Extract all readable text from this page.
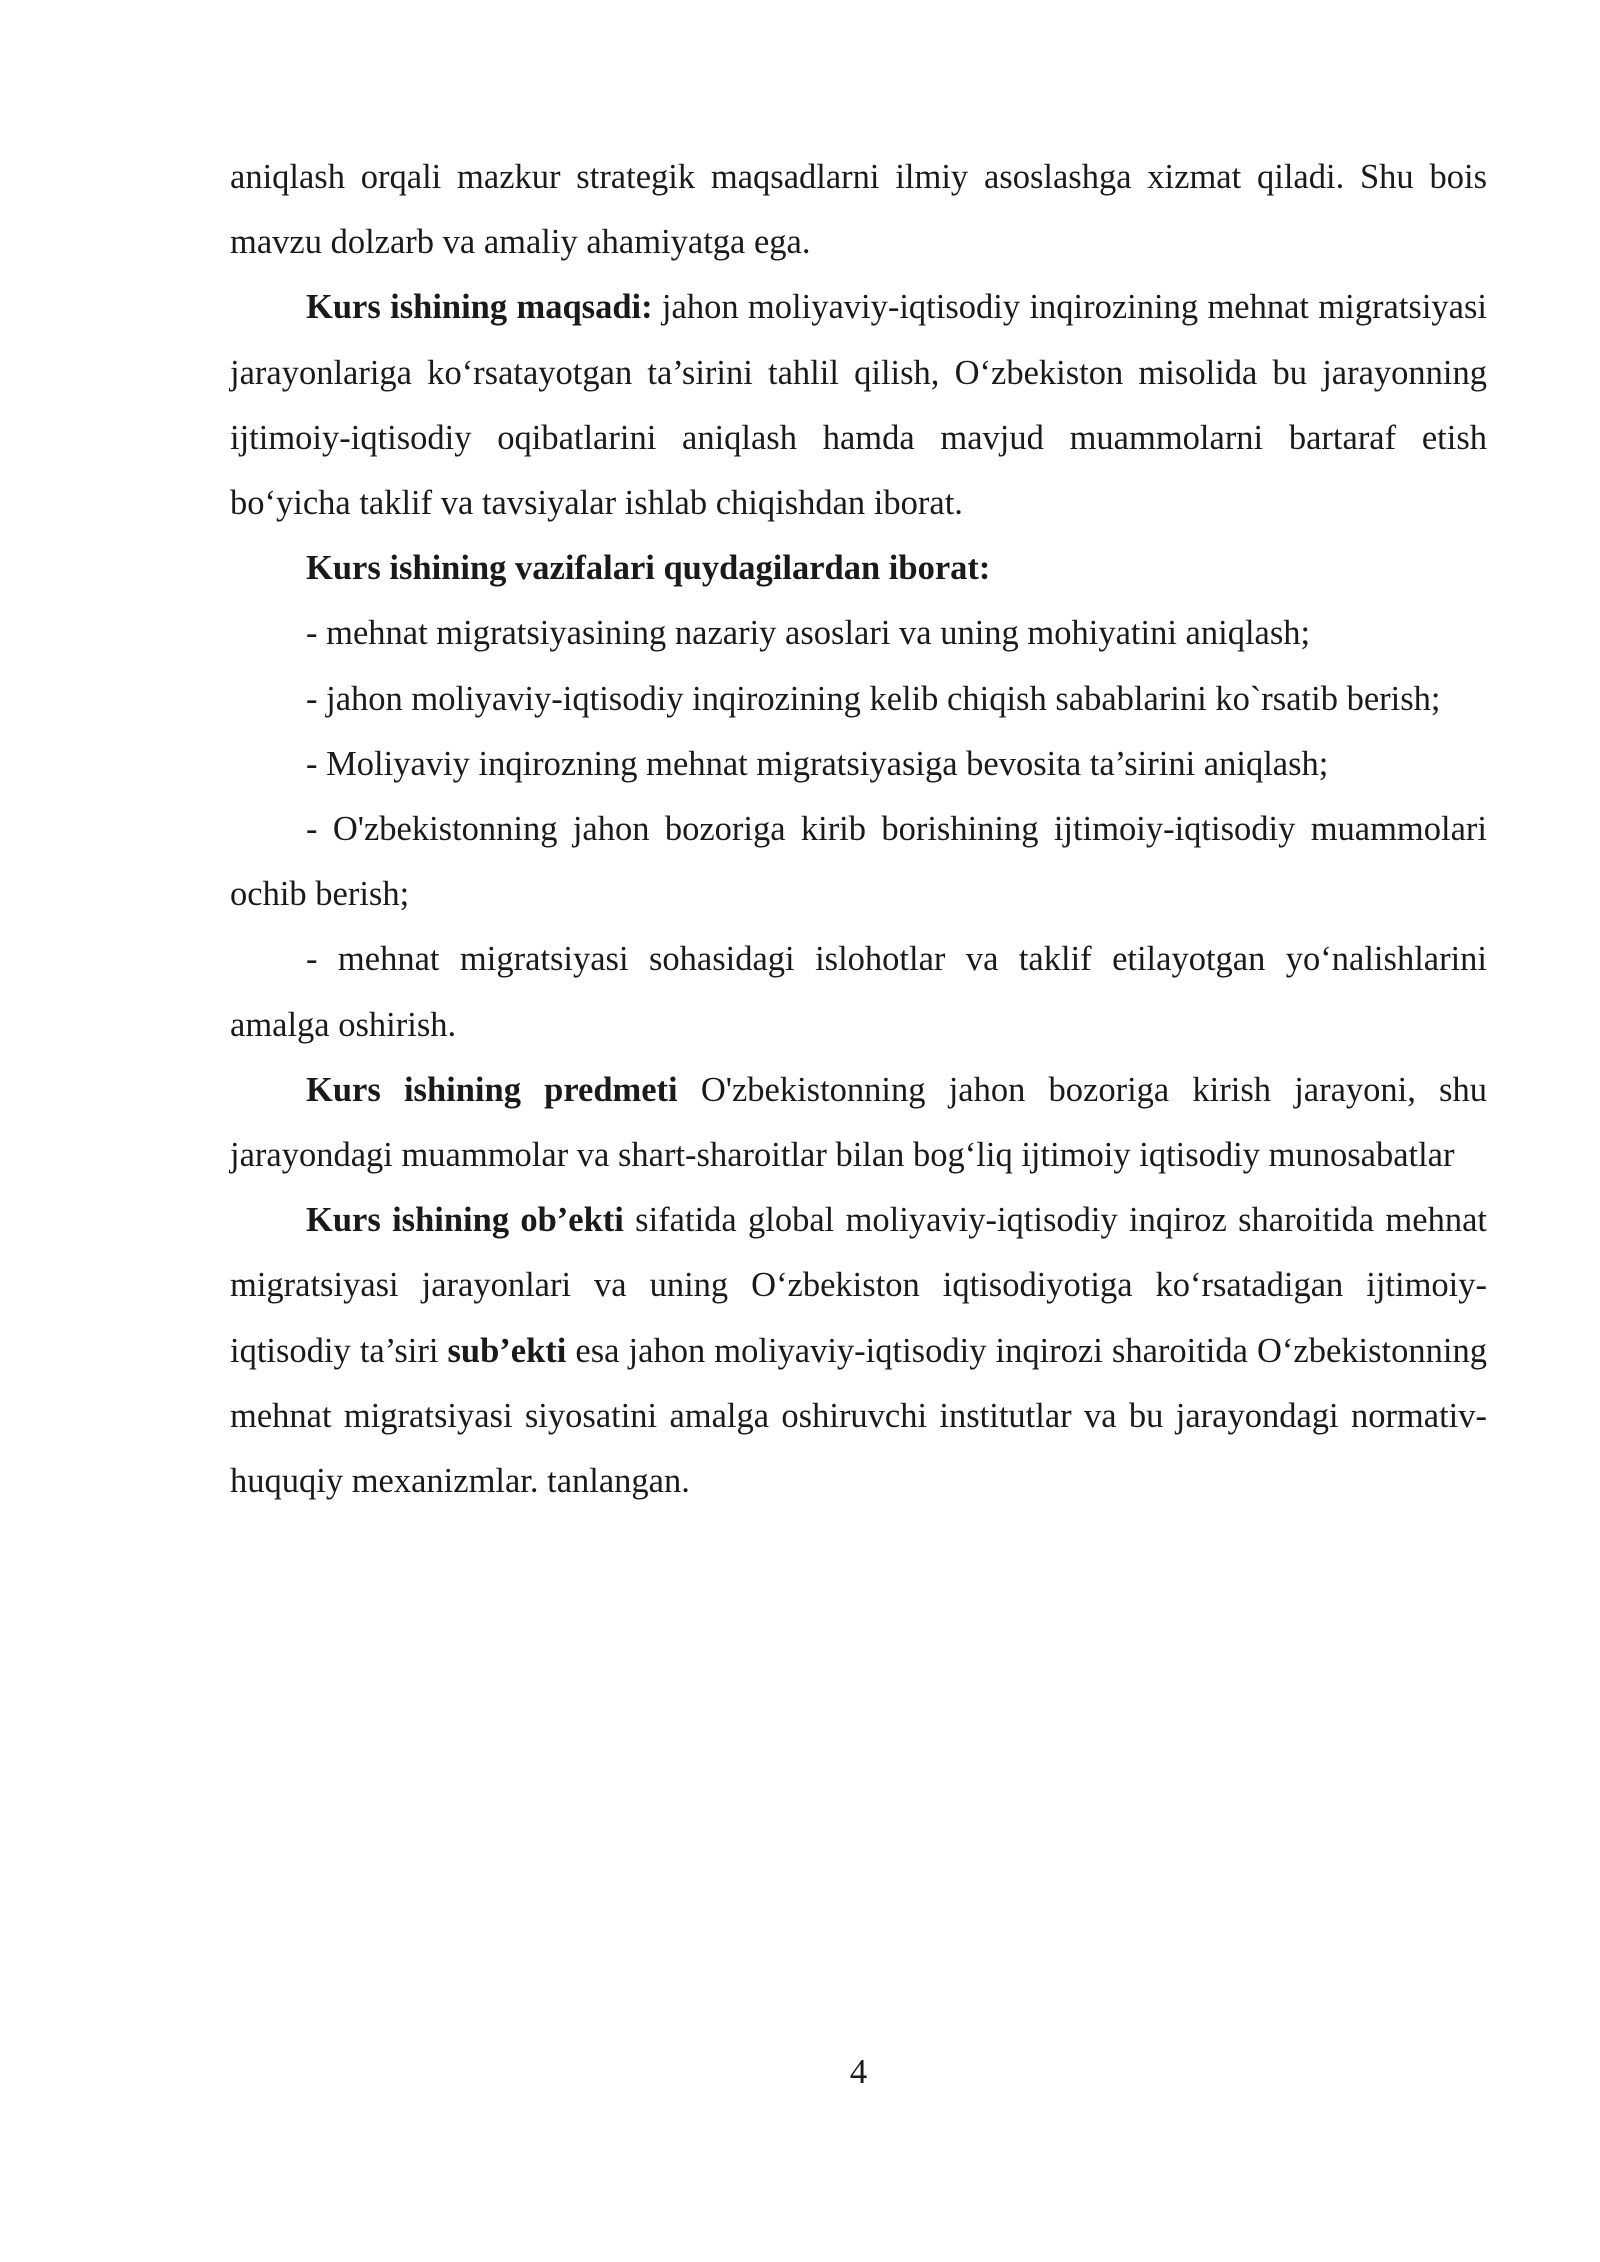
aniqlash orqali mazkur strategik maqsadlarni ilmiy asoslashga xizmat qiladi. Shu bois mavzu dolzarb va amaliy ahamiyatga ega.

Kurs ishining maqsadi: jahon moliyaviy-iqtisodiy inqirozining mehnat migratsiyasi jarayonlariga ko‘rsatayotgan ta’sirini tahlil qilish, O‘zbekiston misolida bu jarayonning ijtimoiy-iqtisodiy oqibatlarini aniqlash hamda mavjud muammolarni bartaraf etish bo‘yicha taklif va tavsiyalar ishlab chiqishdan iborat.

Kurs ishining vazifalari quydagilardan iborat:

- mehnat migratsiyasining nazariy asoslari va uning mohiyatini aniqlash;

- jahon moliyaviy-iqtisodiy inqirozining kelib chiqish sabablarini ko`rsatib berish;

- Moliyaviy inqirozning mehnat migratsiyasiga bevosita ta’sirini aniqlash;

- O'zbekistonning jahon bozoriga kirib borishining ijtimoiy-iqtisodiy muammolari ochib berish;

- mehnat migratsiyasi sohasidagi islohotlar va taklif etilayotgan yo‘nalishlarini amalga oshirish.

Kurs ishining predmeti O'zbekistonning jahon bozoriga kirish jarayoni, shu jarayondagi muammolar va shart-sharoitlar bilan bog‘liq ijtimoiy iqtisodiy munosabatlar

Kurs ishining ob’ekti sifatida global moliyaviy-iqtisodiy inqiroz sharoitida mehnat migratsiyasi jarayonlari va uning O‘zbekiston iqtisodiyotiga ko‘rsatadigan ijtimoiy-iqtisodiy ta’siri sub’ekti esa jahon moliyaviy-iqtisodiy inqirozi sharoitida O‘zbekistonning mehnat migratsiyasi siyosatini amalga oshiruvchi institutlar va bu jarayondagi normativ-huquqiy mexanizmlar. tanlangan.

4
